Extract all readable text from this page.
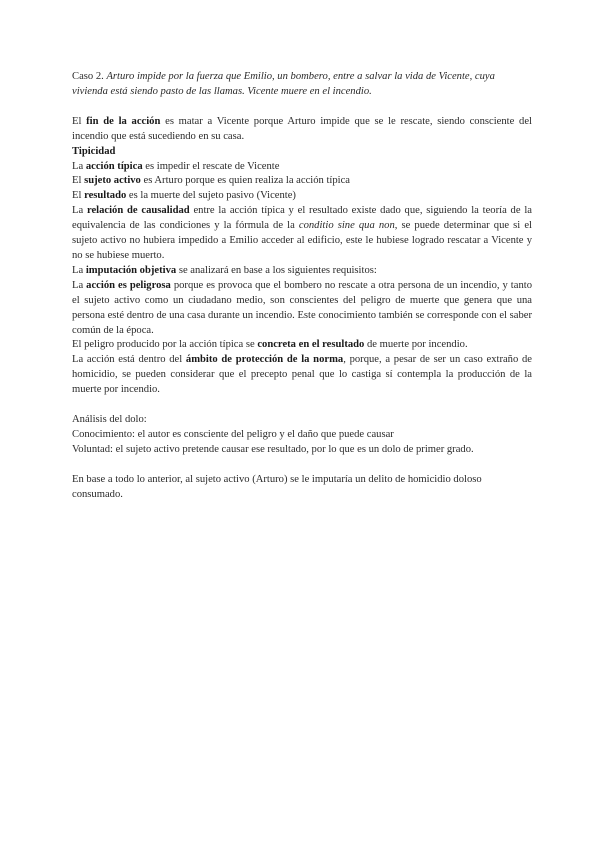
Caso 2. Arturo impide por la fuerza que Emilio, un bombero, entre a salvar la vida de Vicente, cuya vivienda está siendo pasto de las llamas. Vicente muere en el incendio.

El fin de la acción es matar a Vicente porque Arturo impide que se le rescate, siendo consciente del incendio que está sucediendo en su casa.

Tipicidad

La acción típica es impedir el rescate de Vicente

El sujeto activo es Arturo porque es quien realiza la acción típica

El resultado es la muerte del sujeto pasivo (Vicente)

La relación de causalidad entre la acción típica y el resultado existe dado que, siguiendo la teoría de la equivalencia de las condiciones y la fórmula de la conditio sine qua non, se puede determinar que si el sujeto activo no hubiera impedido a Emilio acceder al edificio, este le hubiese logrado rescatar a Vicente y no se hubiese muerto.

La imputación objetiva se analizará en base a los siguientes requisitos:

La acción es peligrosa porque es provoca que el bombero no rescate a otra persona de un incendio, y tanto el sujeto activo como un ciudadano medio, son conscientes del peligro de muerte que genera que una persona esté dentro de una casa durante un incendio. Este conocimiento también se corresponde con el saber común de la época.

El peligro producido por la acción típica se concreta en el resultado de muerte por incendio.

La acción está dentro del ámbito de protección de la norma, porque, a pesar de ser un caso extraño de homicidio, se pueden considerar que el precepto penal que lo castiga sí contempla la producción de la muerte por incendio.

Análisis del dolo:

Conocimiento: el autor es consciente del peligro y el daño que puede causar

Voluntad: el sujeto activo pretende causar ese resultado, por lo que es un dolo de primer grado.

En base a todo lo anterior, al sujeto activo (Arturo) se le imputaría un delito de homicidio doloso consumado.
